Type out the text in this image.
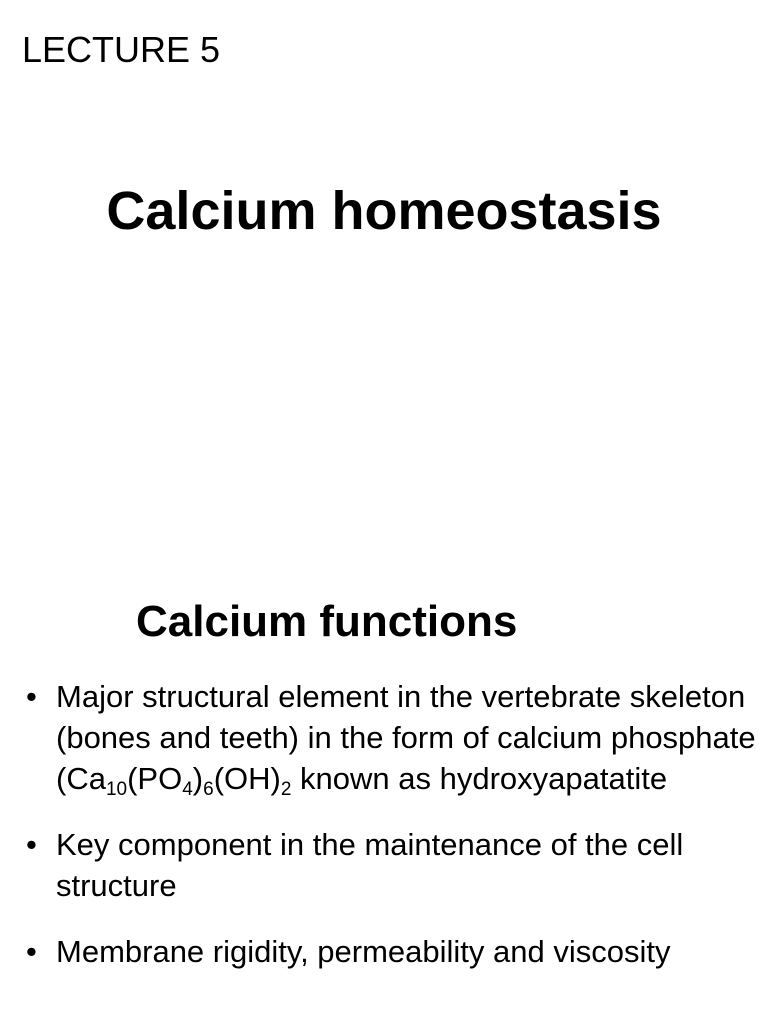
LECTURE 5
Calcium homeostasis
Calcium functions
• Major structural element in the vertebrate skeleton (bones and teeth) in the form of calcium phosphate ($Ca_{10}(PO_4)_6(OH)_2$ known as hydroxyapatatite
• Key component in the maintenance of the cell structure
• Membrane rigidity, permeability and viscosity
